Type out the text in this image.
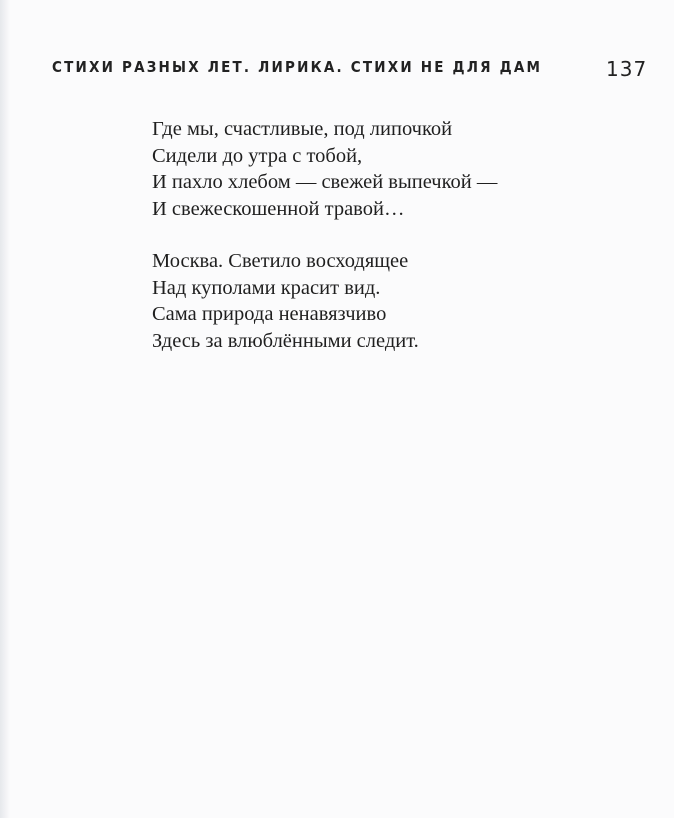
СТИХИ РАЗНЫХ ЛЕТ. ЛИРИКА. СТИХИ НЕ ДЛЯ ДАМ	137
Где мы, счастливые, под липочкой
Сидели до утра с тобой,
И пахло хлебом — свежей выпечкой —
И свежескошенной травой…
Москва. Светило восходящее
Над куполами красит вид.
Сама природа ненавязчиво
Здесь за влюблёнными следит.
